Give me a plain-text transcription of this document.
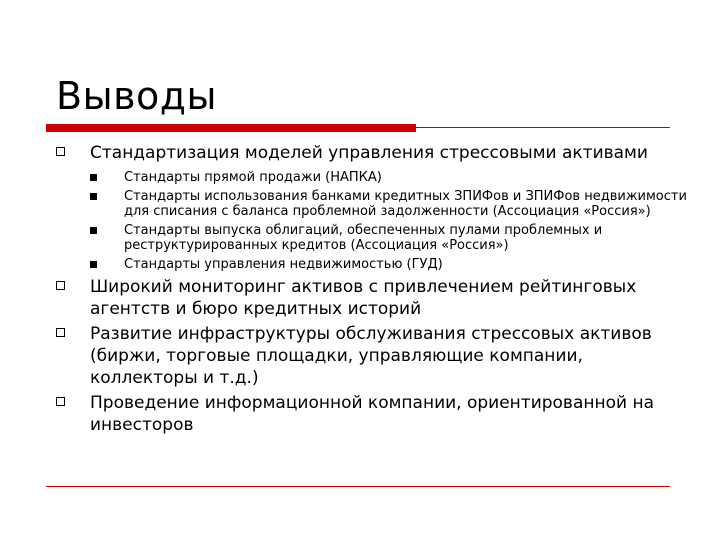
Выводы
Стандартизация моделей управления стрессовыми активами
Стандарты прямой продажи (НАПКА)
Стандарты использования банками кредитных ЗПИФов и ЗПИФов недвижимости для списания с баланса проблемной задолженности (Ассоциация «Россия»)
Стандарты выпуска облигаций, обеспеченных пулами проблемных и реструктурированных кредитов (Ассоциация «Россия»)
Стандарты управления недвижимостью (ГУД)
Широкий мониторинг активов с привлечением рейтинговых агентств и бюро кредитных историй
Развитие инфраструктуры обслуживания стрессовых активов (биржи, торговые площадки, управляющие компании, коллекторы и т.д.)
Проведение информационной компании, ориентированной на инвесторов
